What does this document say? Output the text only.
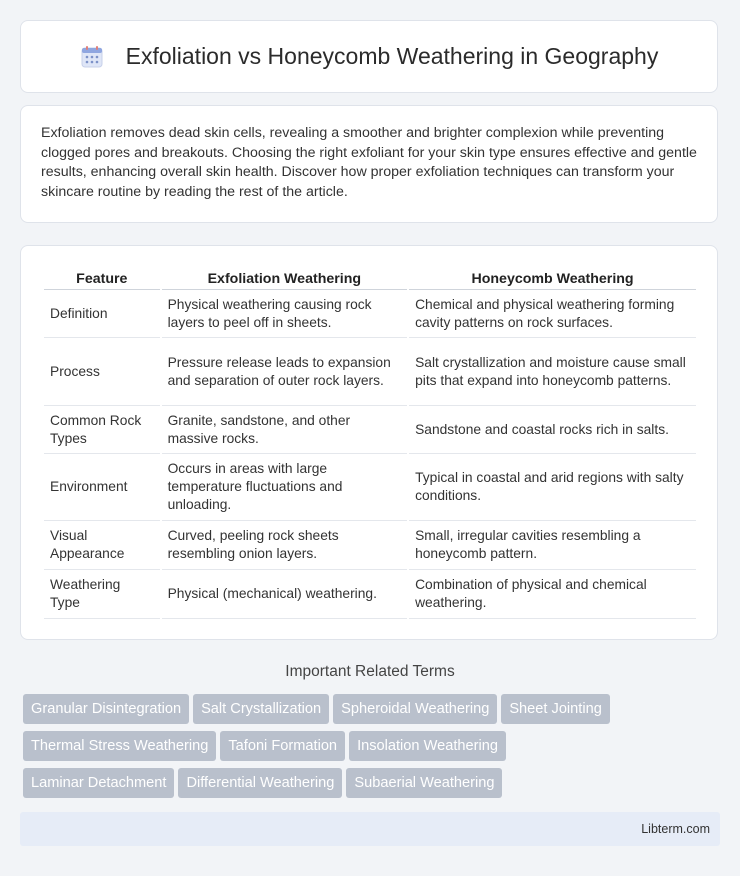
Exfoliation vs Honeycomb Weathering in Geography

Exfoliation removes dead skin cells, revealing a smoother and brighter complexion while preventing clogged pores and breakouts. Choosing the right exfoliant for your skin type ensures effective and gentle results, enhancing overall skin health. Discover how proper exfoliation techniques can transform your skincare routine by reading the rest of the article.

Feature	Exfoliation Weathering	Honeycomb Weathering
Definition	Physical weathering causing rock layers to peel off in sheets.	Chemical and physical weathering forming cavity patterns on rock surfaces.
Process	Pressure release leads to expansion and separation of outer rock layers.	Salt crystallization and moisture cause small pits that expand into honeycomb patterns.
Common Rock Types	Granite, sandstone, and other massive rocks.	Sandstone and coastal rocks rich in salts.
Environment	Occurs in areas with large temperature fluctuations and unloading.	Typical in coastal and arid regions with salty conditions.
Visual Appearance	Curved, peeling rock sheets resembling onion layers.	Small, irregular cavities resembling a honeycomb pattern.
Weathering Type	Physical (mechanical) weathering.	Combination of physical and chemical weathering.
Important Related Terms
Granular Disintegration Salt Crystallization Spheroidal Weathering Sheet Jointing
Thermal Stress Weathering Tafoni Formation Insolation Weathering
Laminar Detachment Differential Weathering Subaerial Weathering
Libterm.com
